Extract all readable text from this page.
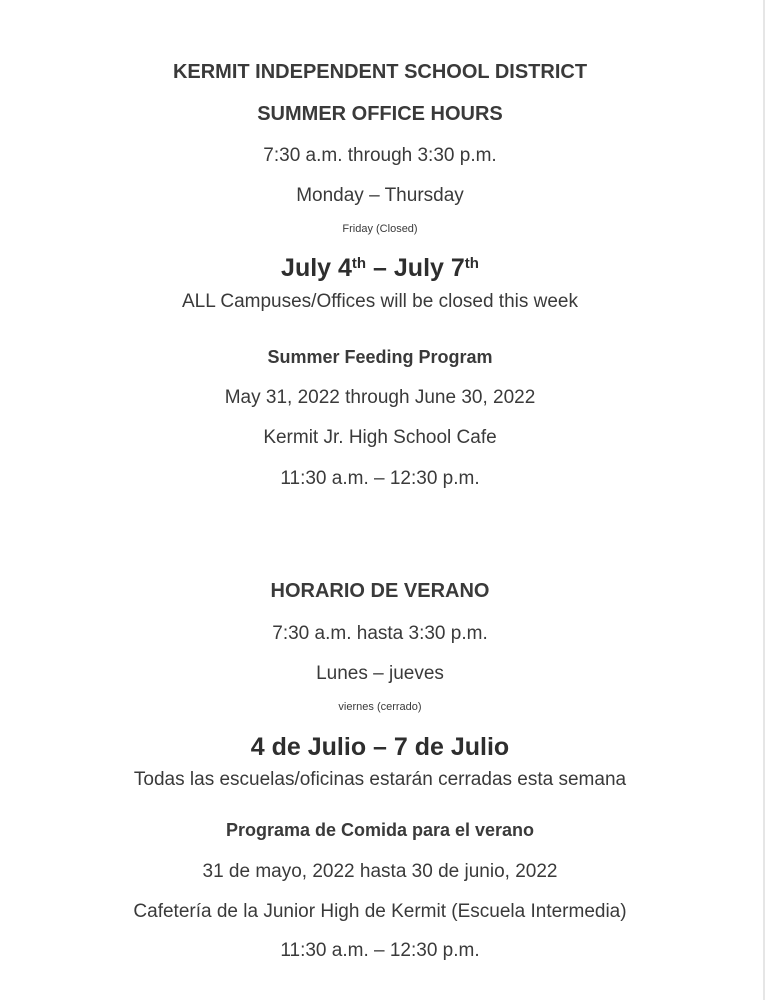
KERMIT INDEPENDENT SCHOOL DISTRICT
SUMMER OFFICE HOURS
7:30 a.m. through 3:30 p.m.
Monday – Thursday
Friday (Closed)
July 4th – July 7th
ALL Campuses/Offices will be closed this week
Summer Feeding Program
May 31, 2022 through June 30, 2022
Kermit Jr. High School Cafe
11:30 a.m. – 12:30 p.m.
HORARIO DE VERANO
7:30 a.m. hasta 3:30 p.m.
Lunes – jueves
viernes (cerrado)
4 de Julio – 7 de Julio
Todas las escuelas/oficinas estarán cerradas esta semana
Programa de Comida para el verano
31 de mayo, 2022 hasta 30 de junio, 2022
Cafetería de la Junior High de Kermit (Escuela Intermedia)
11:30 a.m. – 12:30 p.m.
